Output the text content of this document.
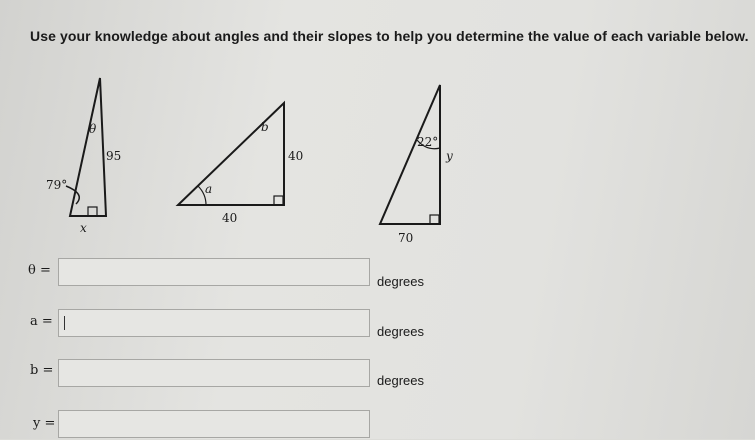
Use your knowledge about angles and their slopes to help you determine the value of each variable below.
θ
95
79°
x
a
b
40
40
22°
y
70
θ =
degrees
a =
degrees
b =
degrees
y =
